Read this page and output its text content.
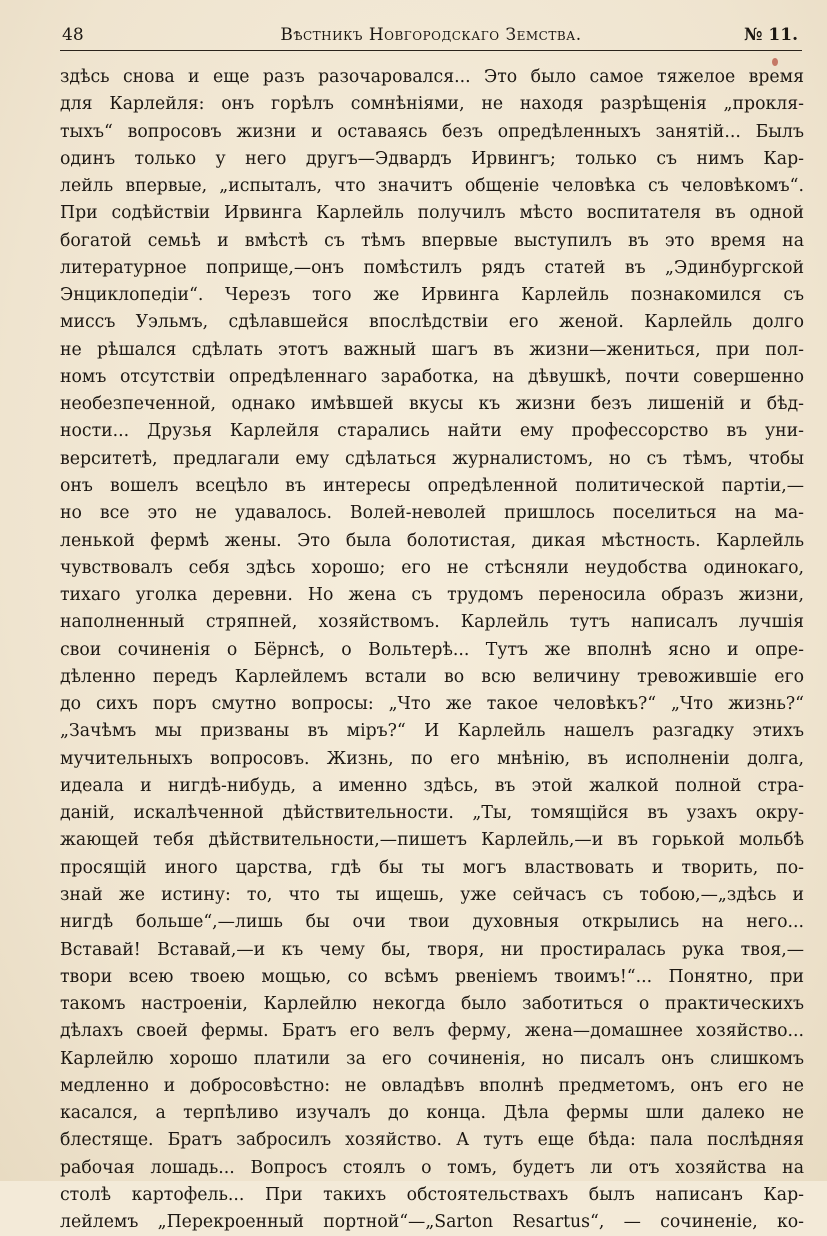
48	Вѣстникъ Новгородскаго Земства.	№ 11.
здѣсь снова и еще разъ разочаровался... Это было самое тяжелое время
для Карлейля: онъ горѣлъ сомнѣніями, не находя разрѣщенія „прокля-
тыхъ“ вопросовъ жизни и оставаясь безъ опредѣленныхъ занятій... Былъ
одинъ только у него другъ—Эдвардъ Ирвингъ; только съ нимъ Кар-
лейль впервые, „испыталъ, что значитъ общеніе человѣка съ человѣкомъ“.
При содѣйствіи Ирвинга Карлейль получилъ мѣсто воспитателя въ одной
богатой семьѣ и вмѣстѣ съ тѣмъ впервые выступилъ въ это время на
литературное поприще,—онъ помѣстилъ рядъ статей въ „Эдинбургской
Энциклопедіи“. Черезъ того же Ирвинга Карлейль познакомился съ
миссъ Уэльмъ, сдѣлавшейся впослѣдствіи его женой. Карлейль долго
не рѣшался сдѣлать этотъ важный шагъ въ жизни—жениться, при пол-
номъ отсутствіи опредѣленнаго заработка, на дѣвушкѣ, почти совершенно
необезпеченной, однако имѣвшей вкусы къ жизни безъ лишеній и бѣд-
ности... Друзья Карлейля старались найти ему профессорство въ уни-
верситетѣ, предлагали ему сдѣлаться журналистомъ, но съ тѣмъ, чтобы
онъ вошелъ всецѣло въ интересы опредѣленной политической партіи,—
но все это не удавалось. Волей-неволей пришлось поселиться на ма-
ленькой фермѣ жены. Это была болотистая, дикая мѣстность. Карлейль
чувствовалъ себя здѣсь хорошо; его не стѣсняли неудобства одинокаго,
тихаго уголка деревни. Но жена съ трудомъ переносила образъ жизни,
наполненный стряпней, хозяйствомъ. Карлейль тутъ написалъ лучшія
свои сочиненія о Бёрнсѣ, о Вольтерѣ... Тутъ же вполнѣ ясно и опре-
дѣленно передъ Карлейлемъ встали во всю величину тревожившіе его
до сихъ поръ смутно вопросы: „Что же такое человѣкъ?“ „Что жизнь?“
„Зачѣмъ мы призваны въ міръ?“ И Карлейль нашелъ разгадку этихъ
мучительныхъ вопросовъ. Жизнь, по его мнѣнію, въ исполненіи долга,
идеала и нигдѣ-нибудь, а именно здѣсь, въ этой жалкой полной стра-
даній, искалѣченной дѣйствительности. „Ты, томящійся въ узахъ окру-
жающей тебя дѣйствительности,—пишетъ Карлейль,—и въ горькой мольбѣ
просящій иного царства, гдѣ бы ты могъ властвовать и творить, по-
знай же истину: то, что ты ищешь, уже сейчасъ съ тобою,—„здѣсь и
нигдѣ больше“,—лишь бы очи твои духовныя открылись на него...
Вставай! Вставай,—и къ чему бы, творя, ни простиралась рука твоя,—
твори всею твоею мощью, со всѣмъ рвеніемъ твоимъ!“... Понятно, при
такомъ настроеніи, Карлейлю некогда было заботиться о практическихъ
дѣлахъ своей фермы. Братъ его велъ ферму, жена—домашнее хозяйство...
Карлейлю хорошо платили за его сочиненія, но писалъ онъ слишкомъ
медленно и добросовѣстно: не овладѣвъ вполнѣ предметомъ, онъ его не
касался, а терпѣливо изучалъ до конца. Дѣла фермы шли далеко не
блестяще. Братъ забросилъ хозяйство. А тутъ еще бѣда: пала послѣдняя
рабочая лошадь... Вопросъ стоялъ о томъ, будетъ ли отъ хозяйства на
столѣ картофель... При такихъ обстоятельствахъ былъ написанъ Кар-
лейлемъ „Перекроенный портной“—„Sartоn Resartus“, — сочиненіе, ко-
